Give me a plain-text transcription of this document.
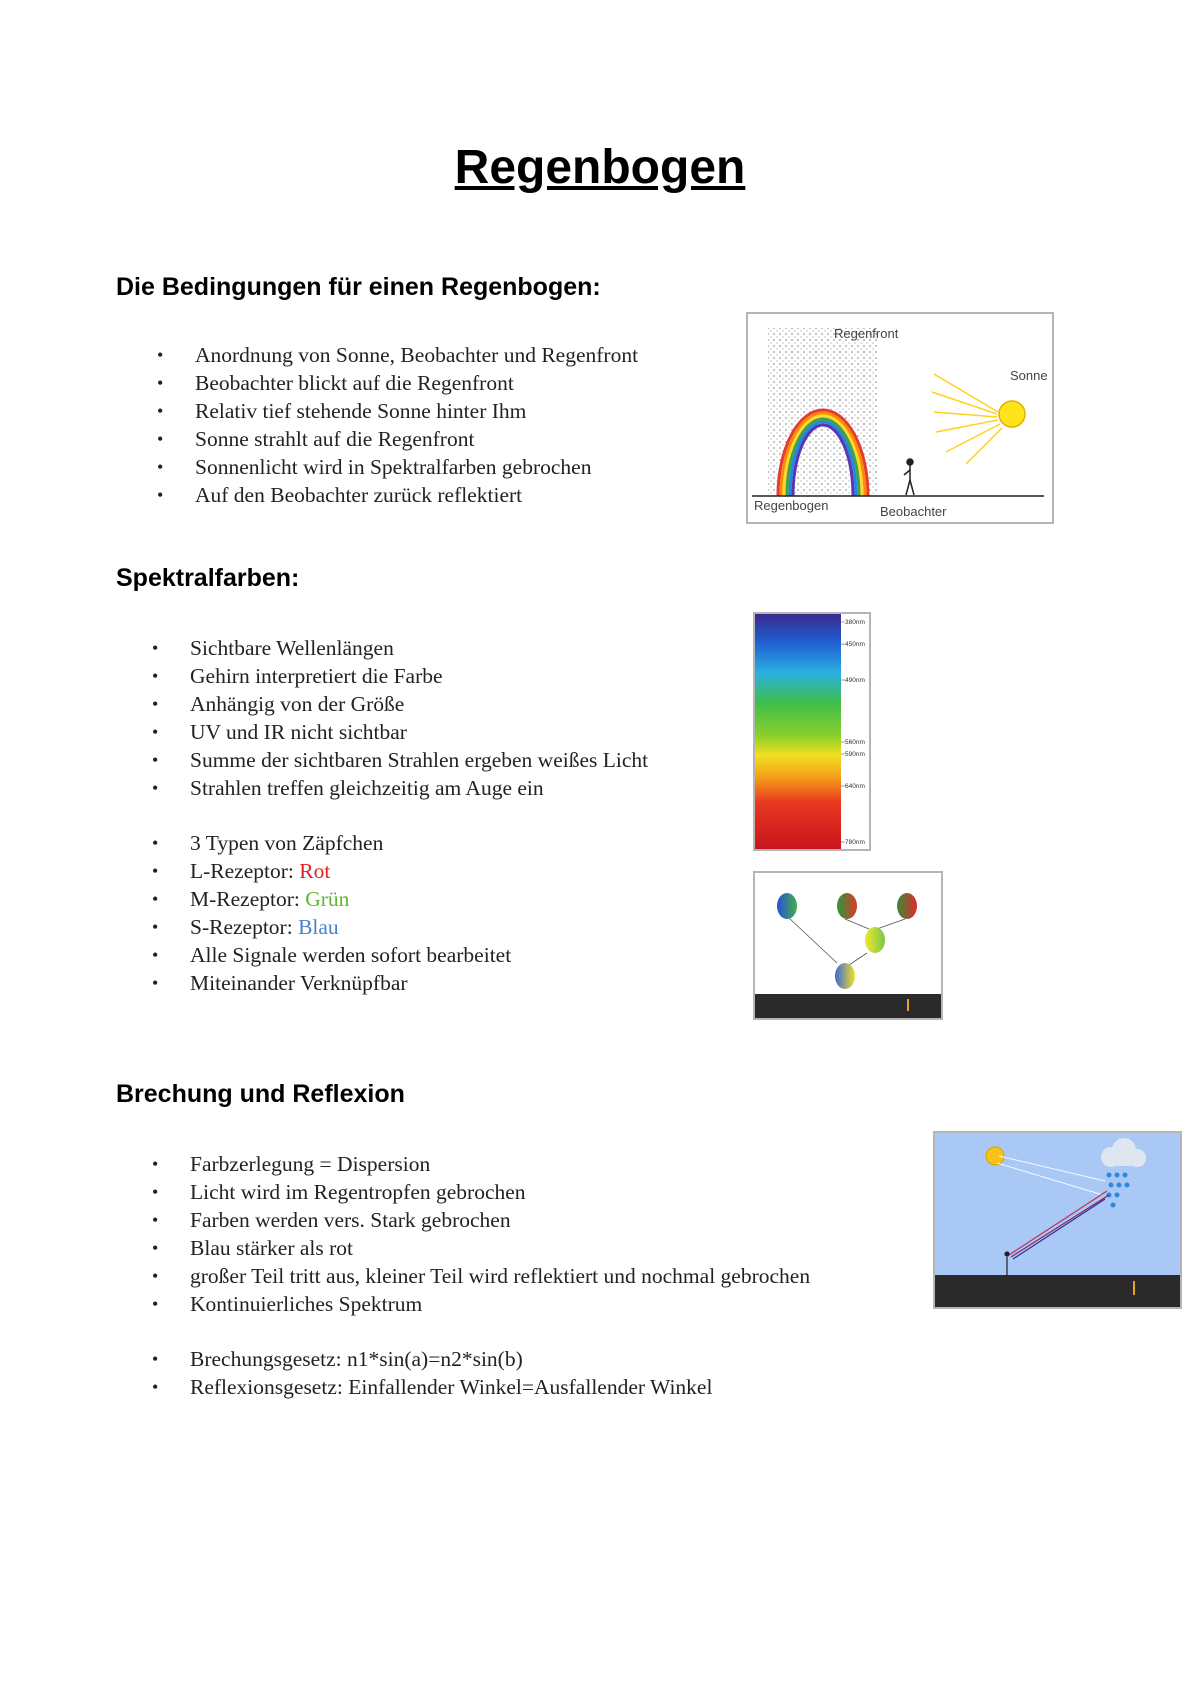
Regenbogen
Die Bedingungen für einen Regenbogen:
• Anordnung von Sonne, Beobachter und Regenfront
• Beobachter blickt auf die Regenfront
• Relativ tief stehende Sonne hinter Ihm
• Sonne strahlt auf die Regenfront
• Sonnenlicht wird in Spektralfarben gebrochen
• Auf den Beobachter zurück reflektiert
Regenfront
Sonne
Regenbogen	Beobachter
Spektralfarben:
• Sichtbare Wellenlängen
• Gehirn interpretiert die Farbe
• Anhängig von der Größe
• UV und IR nicht sichtbar
• Summe der sichtbaren Strahlen ergeben weißes Licht
• Strahlen treffen gleichzeitig am Auge ein
• 3 Typen von Zäpfchen
• L-Rezeptor: Rot
• M-Rezeptor: Grün
• S-Rezeptor: Blau
• Alle Signale werden sofort bearbeitet
• Miteinander Verknüpfbar
380nm
450nm
490nm
560nm
590nm
640nm
780nm
Brechung und Reflexion
• Farbzerlegung = Dispersion
• Licht wird im Regentropfen gebrochen
• Farben werden vers. Stark gebrochen
• Blau stärker als rot
• großer Teil tritt aus, kleiner Teil wird reflektiert und nochmal gebrochen
• Kontinuierliches Spektrum
• Brechungsgesetz: n1*sin(a)=n2*sin(b)
• Reflexionsgesetz: Einfallender Winkel=Ausfallender Winkel
